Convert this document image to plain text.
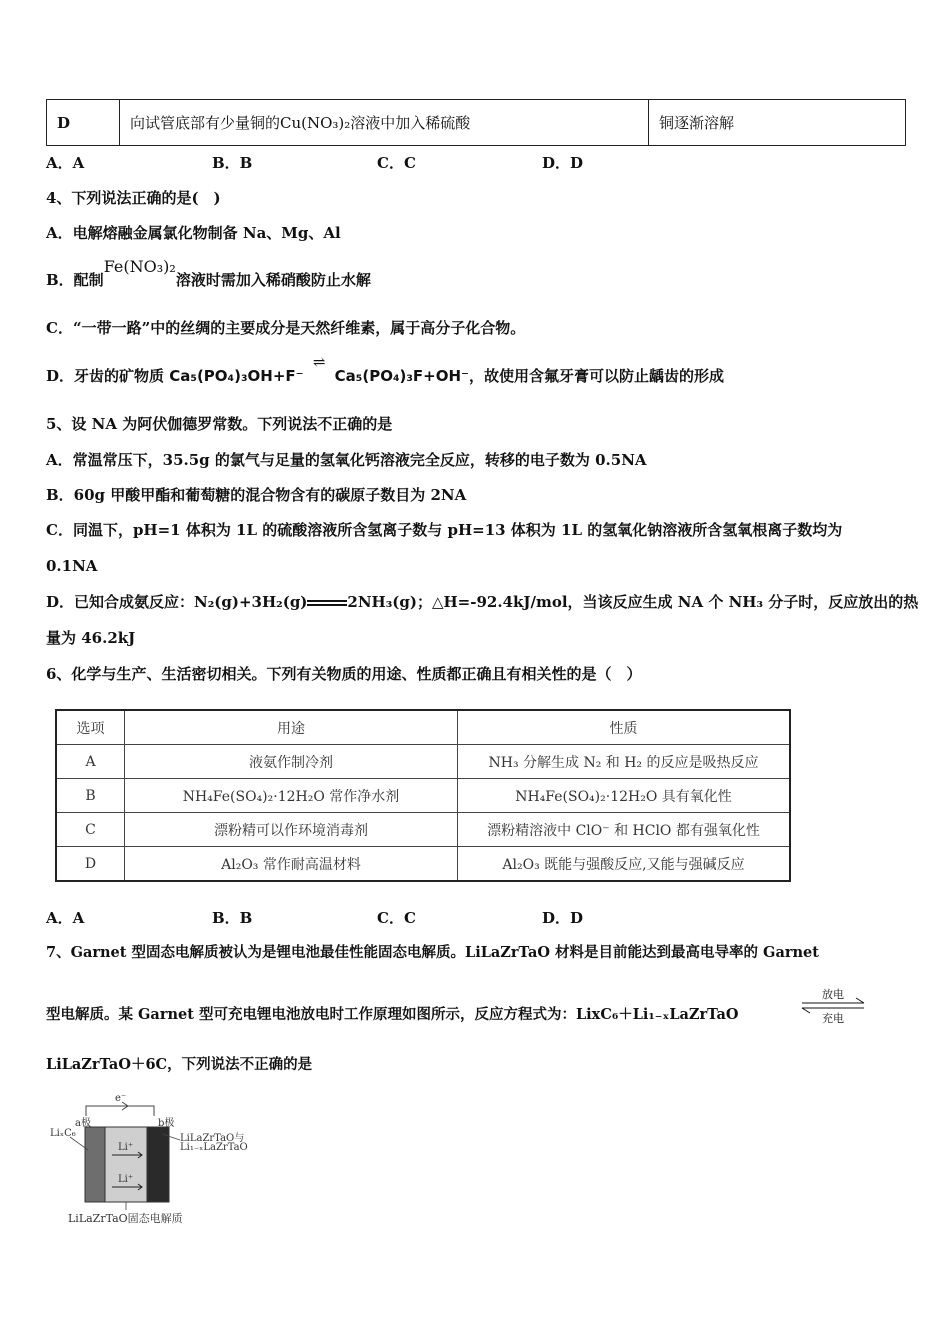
D	向试管底部有少量铜的Cu(NO₃)₂溶液中加入稀硫酸	铜逐渐溶解
A．A	B．B	C．C	D．D
4、下列说法正确的是(　)
A．电解熔融金属氯化物制备 Na、Mg、Al
B．配制Fe(NO₃)₂溶液时需加入稀硝酸防止水解
C．“一带一路”中的丝绸的主要成分是天然纤维素，属于高分子化合物。
D．牙齿的矿物质 Ca₅(PO₄)₃OH+F⁻ ⇌ Ca₅(PO₄)₃F+OH⁻，故使用含氟牙膏可以防止龋齿的形成
5、设 NA 为阿伏伽德罗常数。下列说法不正确的是
A．常温常压下，35.5g 的氯气与足量的氢氧化钙溶液完全反应，转移的电子数为 0.5NA
B．60g 甲酸甲酯和葡萄糖的混合物含有的碳原子数目为 2NA
C．同温下，pH=1 体积为 1L 的硫酸溶液所含氢离子数与 pH=13 体积为 1L 的氢氧化钠溶液所含氢氧根离子数均为
0.1NA
D．已知合成氨反应：N₂(g)+3H₂(g)	2NH₃(g)；△H=-92.4kJ/mol，当该反应生成 NA 个 NH₃ 分子时，反应放出的热
量为 46.2kJ
6、化学与生产、生活密切相关。下列有关物质的用途、性质都正确且有相关性的是（　）
选项	用途	性质
A	液氨作制冷剂	NH₃ 分解生成 N₂ 和 H₂ 的反应是吸热反应
B	NH₄Fe(SO₄)₂·12H₂O 常作净水剂	NH₄Fe(SO₄)₂·12H₂O 具有氧化性
C	漂粉精可以作环境消毒剂	漂粉精溶液中 ClO⁻ 和 HClO 都有强氧化性
D	Al₂O₃ 常作耐高温材料	Al₂O₃ 既能与强酸反应,又能与强碱反应
A．A	B．B	C．C	D．D
7、Garnet 型固态电解质被认为是锂电池最佳性能固态电解质。LiLaZrTaO 材料是目前能达到最高电导率的 Garnet
型电解质。某 Garnet 型可充电锂电池放电时工作原理如图所示，反应方程式为：LixC₆＋Li₁₋ₓLaZrTaO
放电
充电
LiLaZrTaO＋6C，下列说法不正确的是
e⁻
a极	b极
LiₓC₆	LiLaZrTaO与
Li₁₋ₓLaZrTaO
Li⁺
Li⁺
LiLaZrTaO固态电解质
